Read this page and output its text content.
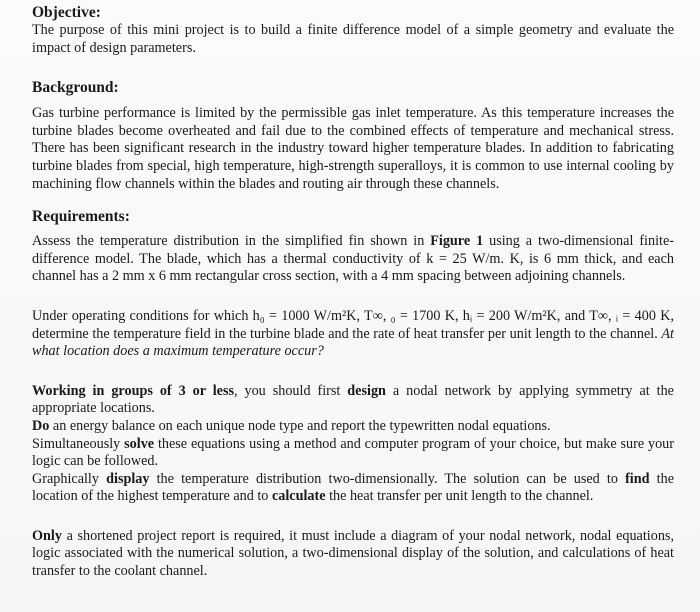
Objective:

The purpose of this mini project is to build a finite difference model of a simple geometry and evaluate the impact of design parameters.

Background:

Gas turbine performance is limited by the permissible gas inlet temperature. As this temperature increases the turbine blades become overheated and fail due to the combined effects of temperature and mechanical stress. There has been significant research in the industry toward higher temperature blades. In addition to fabricating turbine blades from special, high temperature, high-strength superalloys, it is common to use internal cooling by machining flow channels within the blades and routing air through these channels.

Requirements:

Assess the temperature distribution in the simplified fin shown in Figure 1 using a two-dimensional finite- difference model. The blade, which has a thermal conductivity of k = 25 W/m. K, is 6 mm thick, and each channel has a 2 mm x 6 mm rectangular cross section, with a 4 mm spacing between adjoining channels.

Under operating conditions for which h₀ = 1000 W/m²K, T∞, ₀ = 1700 K, hᵢ = 200 W/m²K, and T∞, ᵢ = 400 K, determine the temperature field in the turbine blade and the rate of heat transfer per unit length to the channel. At what location does a maximum temperature occur?

Working in groups of 3 or less, you should first design a nodal network by applying symmetry at the appropriate locations.

Do an energy balance on each unique node type and report the typewritten nodal equations.

Simultaneously solve these equations using a method and computer program of your choice, but make sure your logic can be followed.

Graphically display the temperature distribution two-dimensionally. The solution can be used to find the location of the highest temperature and to calculate the heat transfer per unit length to the channel.

Only a shortened project report is required, it must include a diagram of your nodal network, nodal equations, logic associated with the numerical solution, a two-dimensional display of the solution, and calculations of heat transfer to the coolant channel.
